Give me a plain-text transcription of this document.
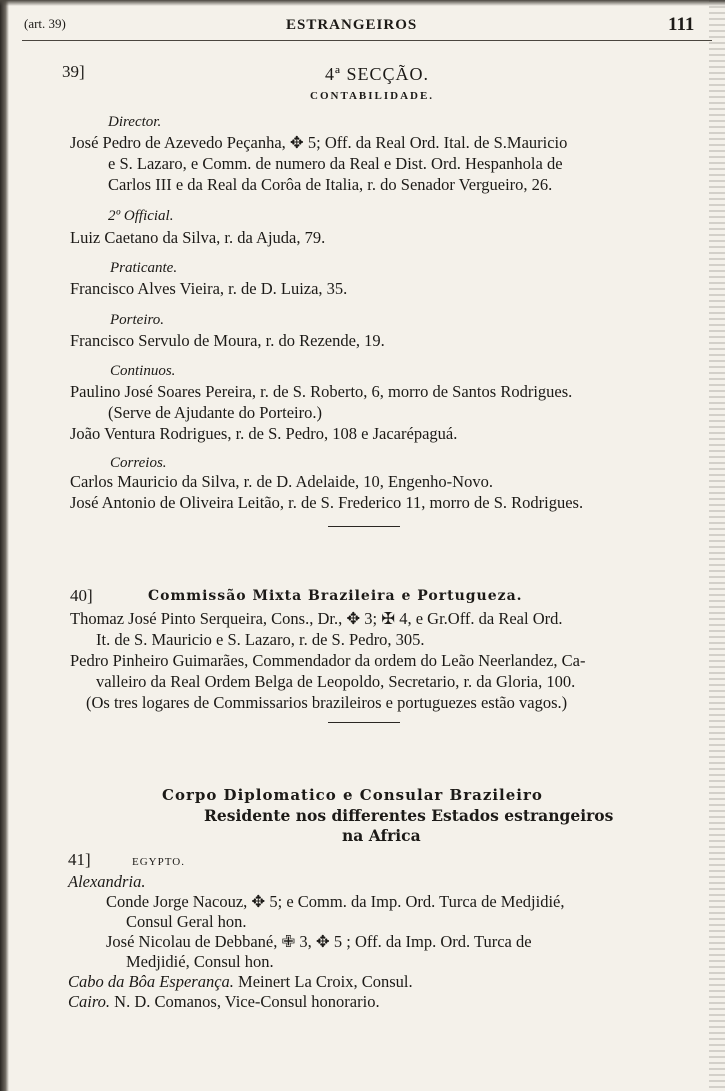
(art. 39)	ESTRANGEIROS	111
39]	4ª SECÇÃO.
CONTABILIDADE.
Director.
José Pedro de Azevedo Peçanha, ✥ 5; Off. da Real Ord. Ital. de S.Mauricio
e S. Lazaro, e Comm. de numero da Real e Dist. Ord. Hespanhola de
Carlos III e da Real da Corôa de Italia, r. do Senador Vergueiro, 26.
2º Official.
Luiz Caetano da Silva, r. da Ajuda, 79.
Praticante.
Francisco Alves Vieira, r. de D. Luiza, 35.
Porteiro.
Francisco Servulo de Moura, r. do Rezende, 19.
Continuos.
Paulino José Soares Pereira, r. de S. Roberto, 6, morro de Santos Rodrigues.
(Serve de Ajudante do Porteiro.)
João Ventura Rodrigues, r. de S. Pedro, 108 e Jacarépaguá.
Correios.
Carlos Mauricio da Silva, r. de D. Adelaide, 10, Engenho-Novo.
José Antonio de Oliveira Leitão, r. de S. Frederico 11, morro de S. Rodrigues.
40]	Commissão Mixta Brazileira e Portugueza.
Thomaz José Pinto Serqueira, Cons., Dr., ✥ 3; ✠ 4, e Gr.Off. da Real Ord.
It. de S. Mauricio e S. Lazaro, r. de S. Pedro, 305.
Pedro Pinheiro Guimarães, Commendador da ordem do Leão Neerlandez, Ca-
valleiro da Real Ordem Belga de Leopoldo, Secretario, r. da Gloria, 100.
(Os tres logares de Commissarios brazileiros e portuguezes estão vagos.)
Corpo Diplomatico e Consular Brazileiro
Residente nos differentes Estados estrangeiros
na Africa
41]	EGYPTO.
Alexandria.
Conde Jorge Nacouz, ✥ 5; e Comm. da Imp. Ord. Turca de Medjidié,
Consul Geral hon.
José Nicolau de Debbané, ✙ 3, ✥ 5 ; Off. da Imp. Ord. Turca de
Medjidié, Consul hon.
Cabo da Bôa Esperança. Meinert La Croix, Consul.
Cairo. N. D. Comanos, Vice-Consul honorario.
